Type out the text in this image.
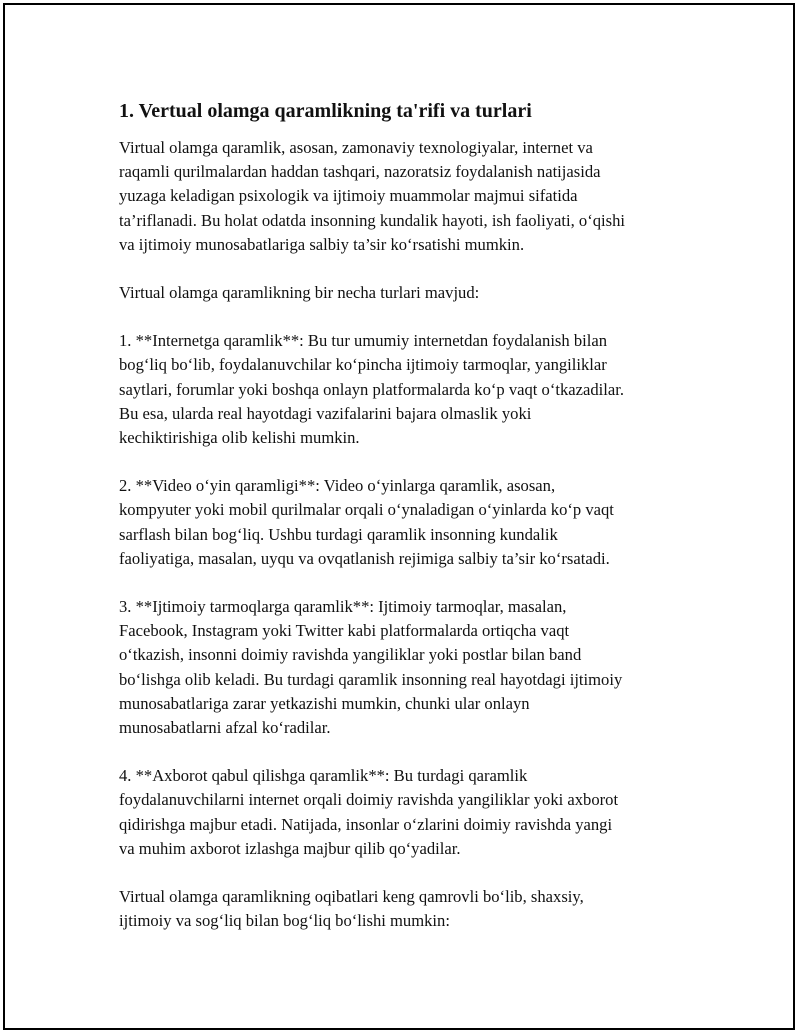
1. Vertual olamga qaramlikning ta'rifi va turlari

Virtual olamga qaramlik, asosan, zamonaviy texnologiyalar, internet va
raqamli qurilmalardan haddan tashqari, nazoratsiz foydalanish natijasida
yuzaga keladigan psixologik va ijtimoiy muammolar majmui sifatida
ta’riflanadi. Bu holat odatda insonning kundalik hayoti, ish faoliyati, o‘qishi
va ijtimoiy munosabatlariga salbiy ta’sir ko‘rsatishi mumkin.

Virtual olamga qaramlikning bir necha turlari mavjud:

1. **Internetga qaramlik**: Bu tur umumiy internetdan foydalanish bilan
bog‘liq bo‘lib, foydalanuvchilar ko‘pincha ijtimoiy tarmoqlar, yangiliklar
saytlari, forumlar yoki boshqa onlayn platformalarda ko‘p vaqt o‘tkazadilar.
Bu esa, ularda real hayotdagi vazifalarini bajara olmaslik yoki
kechiktirishiga olib kelishi mumkin.

2. **Video o‘yin qaramligi**: Video o‘yinlarga qaramlik, asosan,
kompyuter yoki mobil qurilmalar orqali o‘ynaladigan o‘yinlarda ko‘p vaqt
sarflash bilan bog‘liq. Ushbu turdagi qaramlik insonning kundalik
faoliyatiga, masalan, uyqu va ovqatlanish rejimiga salbiy ta’sir ko‘rsatadi.

3. **Ijtimoiy tarmoqlarga qaramlik**: Ijtimoiy tarmoqlar, masalan,
Facebook, Instagram yoki Twitter kabi platformalarda ortiqcha vaqt
o‘tkazish, insonni doimiy ravishda yangiliklar yoki postlar bilan band
bo‘lishga olib keladi. Bu turdagi qaramlik insonning real hayotdagi ijtimoiy
munosabatlariga zarar yetkazishi mumkin, chunki ular onlayn
munosabatlarni afzal ko‘radilar.

4. **Axborot qabul qilishga qaramlik**: Bu turdagi qaramlik
foydalanuvchilarni internet orqali doimiy ravishda yangiliklar yoki axborot
qidirishga majbur etadi. Natijada, insonlar o‘zlarini doimiy ravishda yangi
va muhim axborot izlashga majbur qilib qo‘yadilar.

Virtual olamga qaramlikning oqibatlari keng qamrovli bo‘lib, shaxsiy,
ijtimoiy va sog‘liq bilan bog‘liq bo‘lishi mumkin:
